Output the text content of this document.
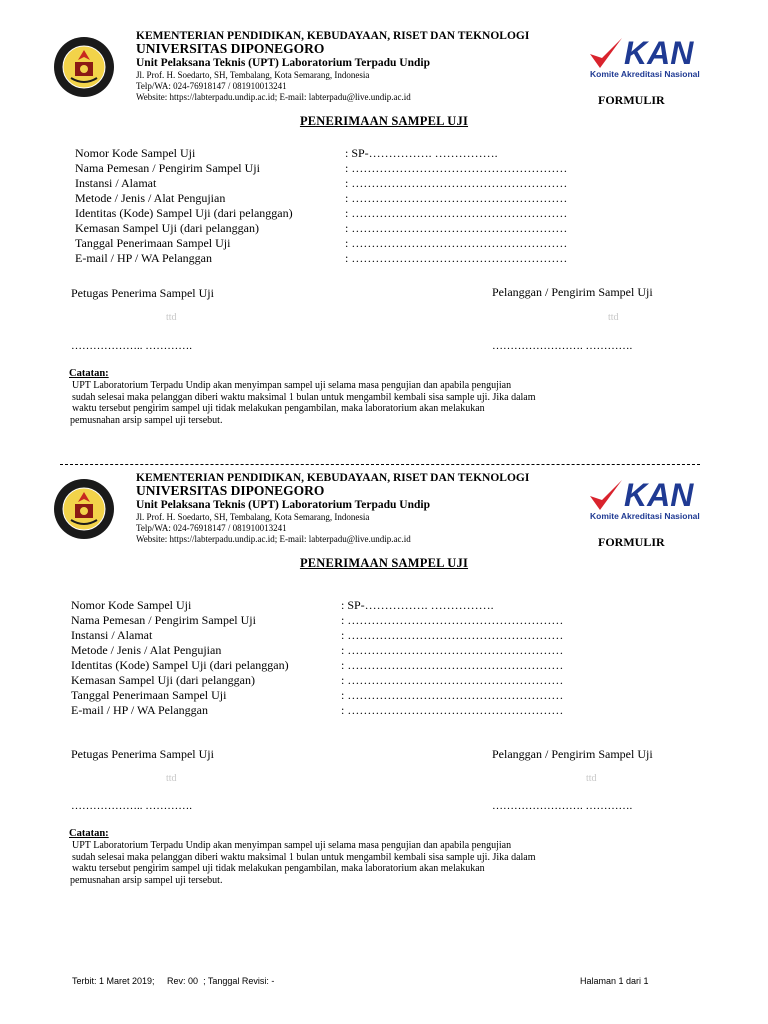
KEMENTERIAN PENDIDIKAN, KEBUDAYAAN, RISET DAN TEKNOLOGI
UNIVERSITAS DIPONEGORO
Unit Pelaksana Teknis (UPT) Laboratorium Terpadu Undip
Jl. Prof. H. Soedarto, SH, Tembalang, Kota Semarang, Indonesia
Telp/WA: 024-76918147 / 081910013241
Website: https://labterpadu.undip.ac.id; E-mail: labterpadu@live.undip.ac.id
KAN
Komite Akreditasi Nasional
FORMULIR
PENERIMAAN SAMPEL UJI
Nomor Kode Sampel Uji	: SP-……………. …………….
Nama Pemesan / Pengirim Sampel Uji	: ………………………………………………
Instansi / Alamat	: ………………………………………………
Metode / Jenis / Alat Pengujian	: ………………………………………………
Identitas (Kode) Sampel Uji (dari pelanggan)	: ………………………………………………
Kemasan Sampel Uji (dari pelanggan)	: ………………………………………………
Tanggal Penerimaan Sampel Uji	: ………………………………………………
E-mail / HP / WA Pelanggan	: ………………………………………………
Petugas Penerima Sampel Uji	Pelanggan / Pengirim Sampel Uji
ttd	ttd
……………….. ………….	……………………. ………….
Catatan:
UPT Laboratorium Terpadu Undip akan menyimpan sampel uji selama masa pengujian dan apabila pengujian
sudah selesai maka pelanggan diberi waktu maksimal 1 bulan untuk mengambil kembali sisa sample uji. Jika dalam
waktu tersebut pengirim sampel uji tidak melakukan pengambilan, maka laboratorium akan melakukan
pemusnahan arsip sampel uji tersebut.
KEMENTERIAN PENDIDIKAN, KEBUDAYAAN, RISET DAN TEKNOLOGI
UNIVERSITAS DIPONEGORO
Unit Pelaksana Teknis (UPT) Laboratorium Terpadu Undip
Jl. Prof. H. Soedarto, SH, Tembalang, Kota Semarang, Indonesia
Telp/WA: 024-76918147 / 081910013241
Website: https://labterpadu.undip.ac.id; E-mail: labterpadu@live.undip.ac.id
KAN
Komite Akreditasi Nasional
FORMULIR
PENERIMAAN SAMPEL UJI
Nomor Kode Sampel Uji	: SP-……………. …………….
Nama Pemesan / Pengirim Sampel Uji	: ………………………………………………
Instansi / Alamat	: ………………………………………………
Metode / Jenis / Alat Pengujian	: ………………………………………………
Identitas (Kode) Sampel Uji (dari pelanggan)	: ………………………………………………
Kemasan Sampel Uji (dari pelanggan)	: ………………………………………………
Tanggal Penerimaan Sampel Uji	: ………………………………………………
E-mail / HP / WA Pelanggan	: ………………………………………………
Petugas Penerima Sampel Uji	Pelanggan / Pengirim Sampel Uji
ttd	ttd
……………….. ………….	……………………. ………….
Catatan:
UPT Laboratorium Terpadu Undip akan menyimpan sampel uji selama masa pengujian dan apabila pengujian
sudah selesai maka pelanggan diberi waktu maksimal 1 bulan untuk mengambil kembali sisa sample uji. Jika dalam
waktu tersebut pengirim sampel uji tidak melakukan pengambilan, maka laboratorium akan melakukan
pemusnahan arsip sampel uji tersebut.
Terbit: 1 Maret 2019;     Rev: 00  ; Tanggal Revisi: -	Halaman 1 dari 1
